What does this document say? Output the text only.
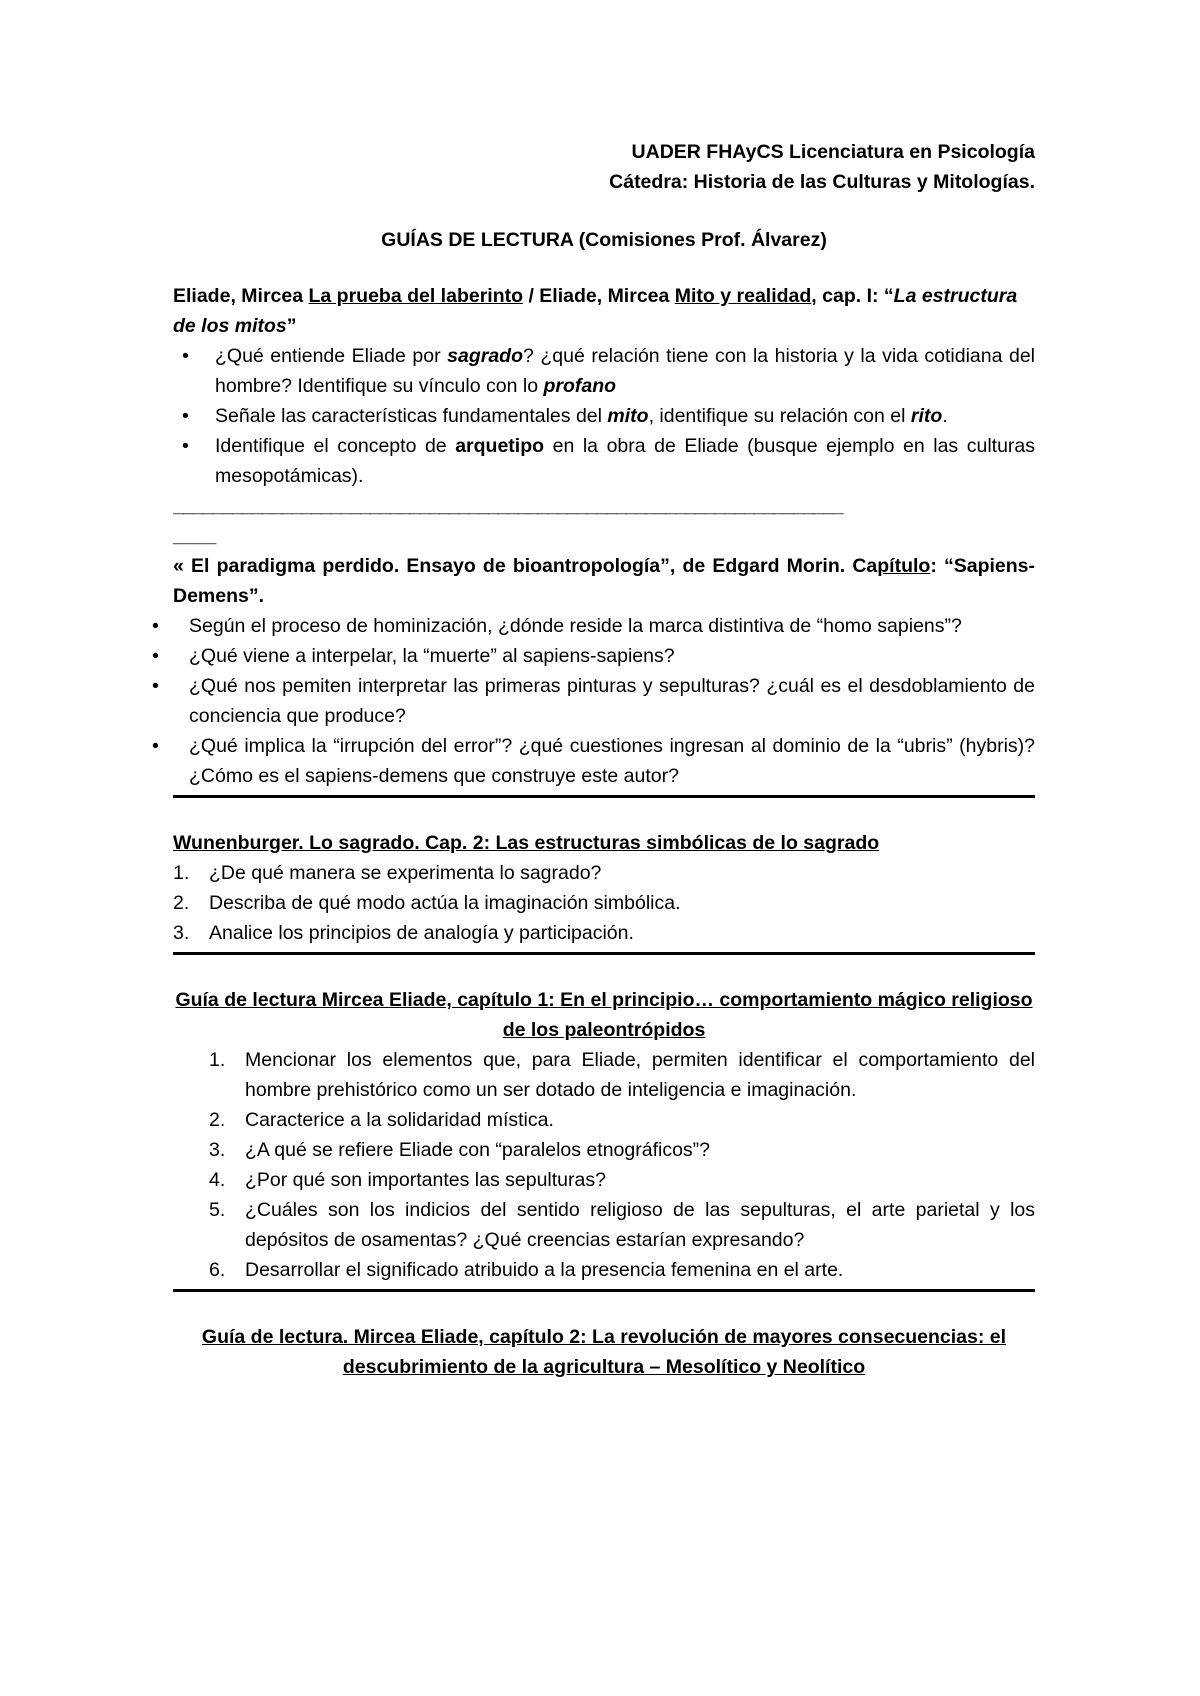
UADER FHAyCS Licenciatura en Psicología
Cátedra: Historia de las Culturas y Mitologías.
GUÍAS DE LECTURA (Comisiones Prof. Álvarez)
Eliade, Mircea La prueba del laberinto / Eliade, Mircea Mito y realidad, cap. I: “La estructura de los mitos”
• ¿Qué entiende Eliade por sagrado? ¿qué relación tiene con la historia y la vida cotidiana del hombre? Identifique su vínculo con lo profano
• Señale las características fundamentales del mito, identifique su relación con el rito.
• Identifique el concepto de arquetipo en la obra de Eliade (busque ejemplo en las culturas mesopotámicas).
____________________________________________________________________
____
« El paradigma perdido. Ensayo de bioantropología”, de Edgard Morin. Capítulo: “Sapiens-Demens”.
• Según el proceso de hominización, ¿dónde reside la marca distintiva de “homo sapiens”?
• ¿Qué viene a interpelar, la “muerte” al sapiens-sapiens?
• ¿Qué nos pemiten interpretar las primeras pinturas y sepulturas? ¿cuál es el desdoblamiento de conciencia que produce?
• ¿Qué implica la “irrupción del error”? ¿qué cuestiones ingresan al dominio de la “ubris” (hybris)? ¿Cómo es el sapiens-demens que construye este autor?
Wunenburger. Lo sagrado. Cap. 2: Las estructuras simbólicas de lo sagrado
1. ¿De qué manera se experimenta lo sagrado?
2. Describa de qué modo actúa la imaginación simbólica.
3. Analice los principios de analogía y participación.
Guía de lectura Mircea Eliade, capítulo 1: En el principio… comportamiento mágico religioso de los paleontrópidos
1. Mencionar los elementos que, para Eliade, permiten identificar el comportamiento del hombre prehistórico como un ser dotado de inteligencia e imaginación.
2. Caracterice a la solidaridad mística.
3. ¿A qué se refiere Eliade con “paralelos etnográficos”?
4. ¿Por qué son importantes las sepulturas?
5. ¿Cuáles son los indicios del sentido religioso de las sepulturas, el arte parietal y los depósitos de osamentas? ¿Qué creencias estarían expresando?
6. Desarrollar el significado atribuido a la presencia femenina en el arte.
Guía de lectura. Mircea Eliade, capítulo 2: La revolución de mayores consecuencias: el descubrimiento de la agricultura – Mesolítico y Neolítico
